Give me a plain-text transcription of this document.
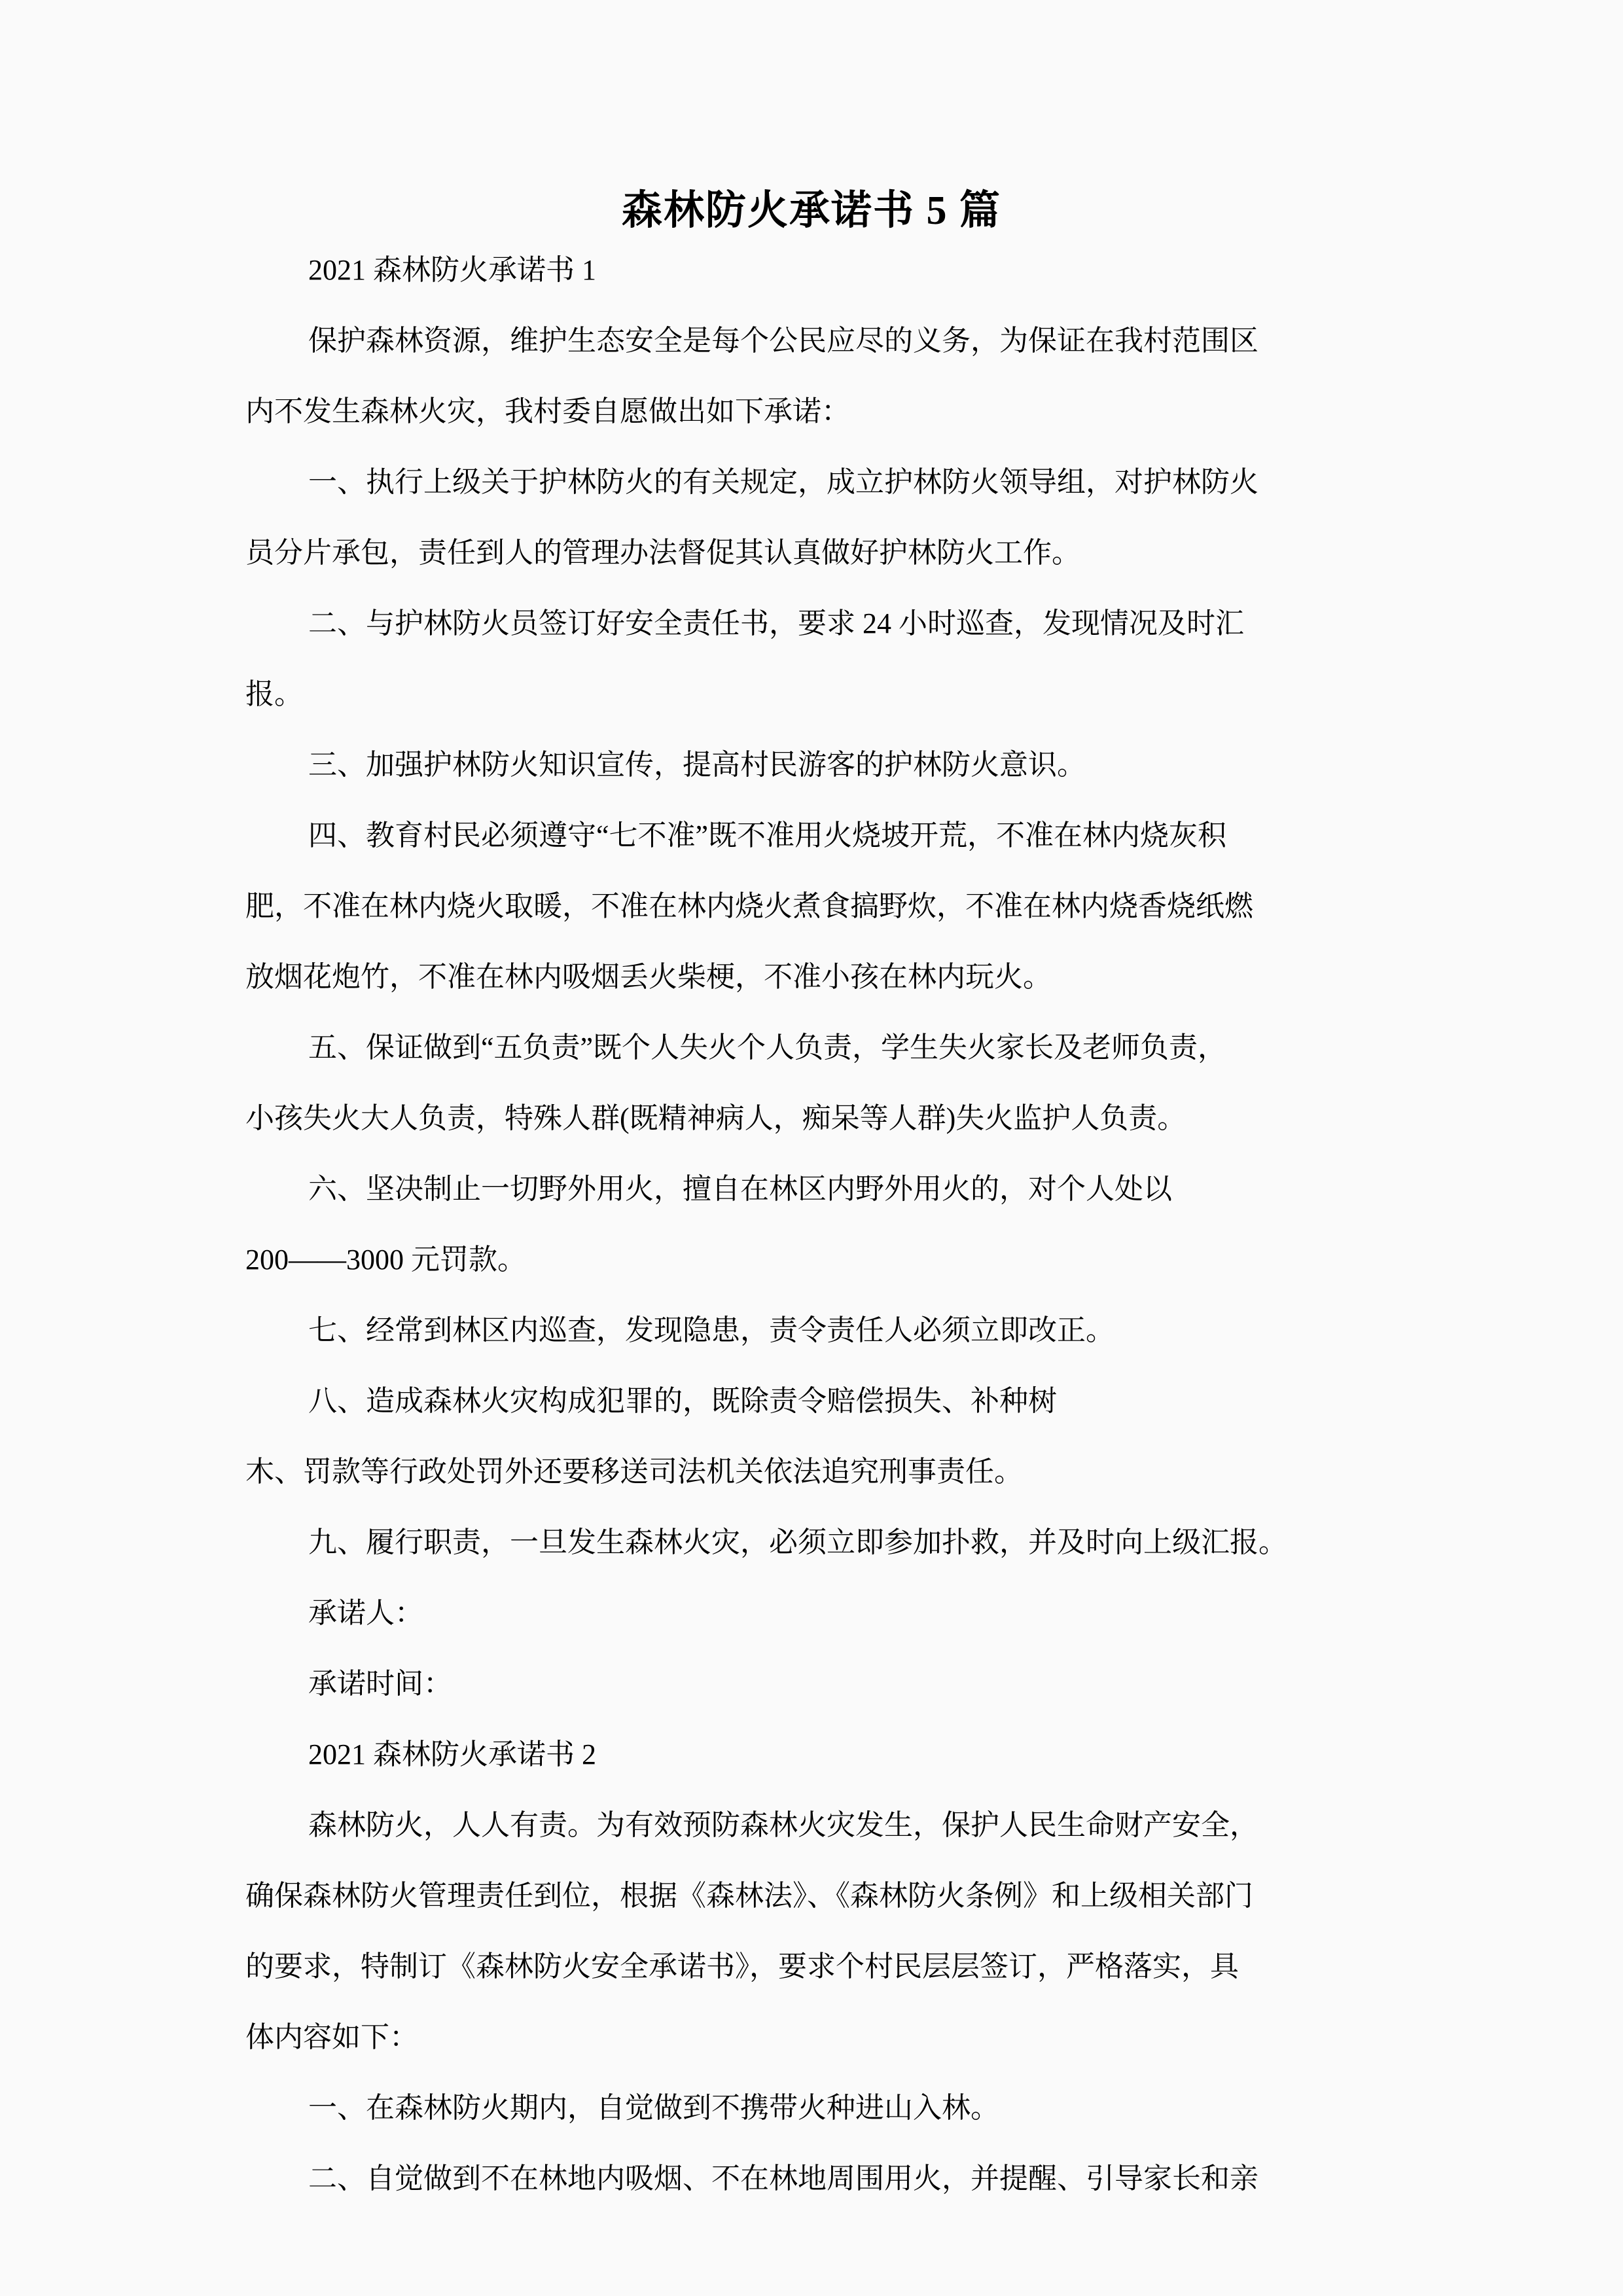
森林防火承诺书 5 篇

2021 森林防火承诺书 1

保护森林资源，维护生态安全是每个公民应尽的义务，为保证在我村范围区
内不发生森林火灾，我村委自愿做出如下承诺：

一、执行上级关于护林防火的有关规定，成立护林防火领导组，对护林防火
员分片承包，责任到人的管理办法督促其认真做好护林防火工作。

二、与护林防火员签订好安全责任书，要求 24 小时巡查，发现情况及时汇
报。

三、加强护林防火知识宣传，提高村民游客的护林防火意识。

四、教育村民必须遵守“七不准”既不准用火烧坡开荒，不准在林内烧灰积
肥，不准在林内烧火取暖，不准在林内烧火煮食搞野炊，不准在林内烧香烧纸燃
放烟花炮竹，不准在林内吸烟丢火柴梗，不准小孩在林内玩火。

五、保证做到“五负责”既个人失火个人负责，学生失火家长及老师负责，
小孩失火大人负责，特殊人群(既精神病人，痴呆等人群)失火监护人负责。

六、坚决制止一切野外用火，擅自在林区内野外用火的，对个人处以
200——3000 元罚款。

七、经常到林区内巡查，发现隐患，责令责任人必须立即改正。

八、造成森林火灾构成犯罪的，既除责令赔偿损失、补种树

木、罚款等行政处罚外还要移送司法机关依法追究刑事责任。

九、履行职责，一旦发生森林火灾，必须立即参加扑救，并及时向上级汇报。

承诺人：

承诺时间：

2021 森林防火承诺书 2

森林防火，人人有责。为有效预防森林火灾发生，保护人民生命财产安全，
确保森林防火管理责任到位，根据《森林法》、《森林防火条例》和上级相关部门
的要求，特制订《森林防火安全承诺书》，要求个村民层层签订，严格落实，具
体内容如下：

一、在森林防火期内，自觉做到不携带火种进山入林。

二、自觉做到不在林地内吸烟、不在林地周围用火，并提醒、引导家长和亲
